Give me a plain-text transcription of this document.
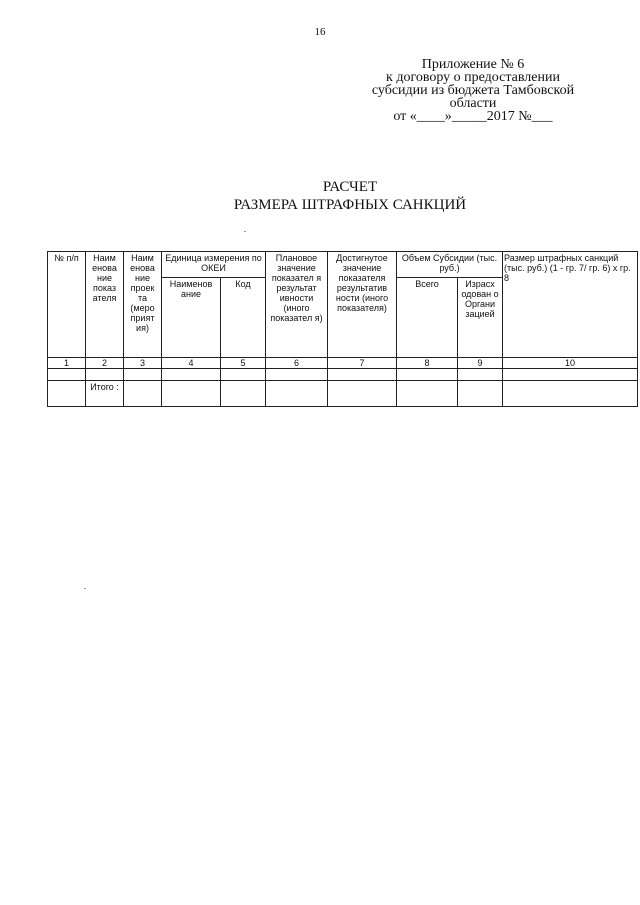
16
Приложение № 6
к договору о предоставлении
субсидии из бюджета Тамбовской
области
от «____»_____2017 №___
РАСЧЕТ
РАЗМЕРА ШТРАФНЫХ САНКЦИЙ
№ п/п	Наим енова ние показ ателя	Наим енова ние проек та (меро прият ия)	Единица измерения по ОКЕИ		Плановое значение показател я результат ивности (иного показател я)	Достигнутое значение показателя результатив ности (иного показателя)	Объем Субсидии (тыс. руб.)		Размер штрафных санкций (тыс. руб.) (1 - гр. 7/ гр. 6) x гр. 8
			Наименов ание	Код			Всего	Израсх одован о Органи зацией	
1	2	3	4	5	6	7	8	9	10

	Итого :								
